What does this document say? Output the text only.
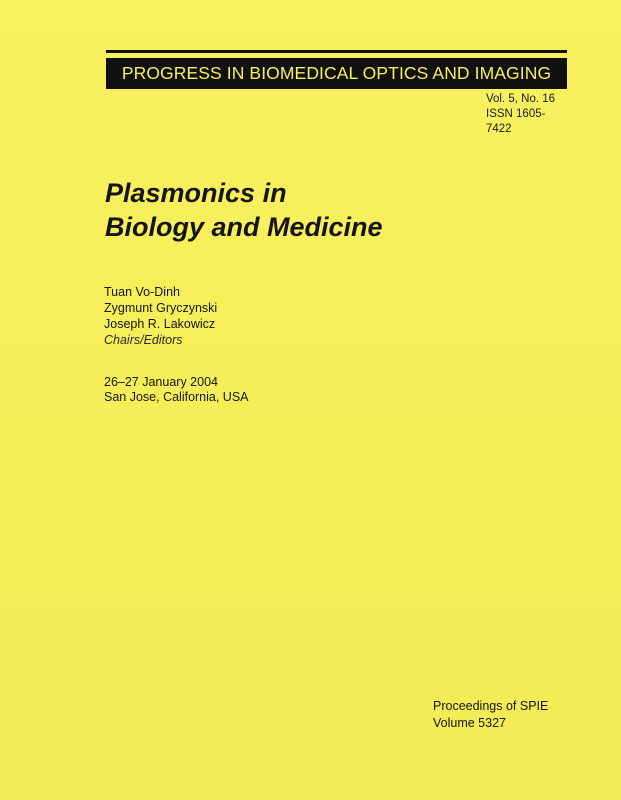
PROGRESS IN BIOMEDICAL OPTICS AND IMAGING
Vol. 5, No. 16
ISSN 1605-7422
Plasmonics in
Biology and Medicine
Tuan Vo-Dinh
Zygmunt Gryczynski
Joseph R. Lakowicz
Chairs/Editors
26–27 January 2004
San Jose, California, USA
Proceedings of SPIE
Volume 5327
